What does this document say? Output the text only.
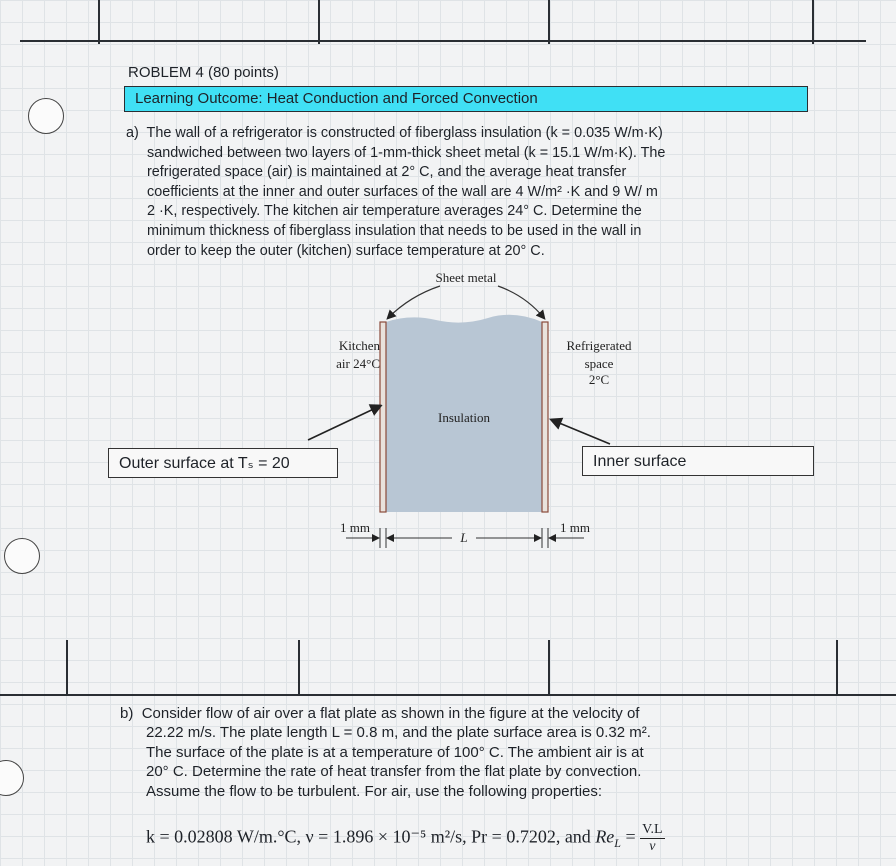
ROBLEM 4 (80 points)
Learning Outcome: Heat Conduction and Forced Convection
a) The wall of a refrigerator is constructed of fiberglass insulation (k = 0.035 W/m·K)
sandwiched between two layers of 1-mm-thick sheet metal (k = 15.1 W/m·K). The
refrigerated space (air) is maintained at 2° C, and the average heat transfer
coefficients at the inner and outer surfaces of the wall are 4 W/m² ·K and 9 W/ m
2 ·K, respectively. The kitchen air temperature averages 24° C. Determine the
minimum thickness of fiberglass insulation that needs to be used in the wall in
order to keep the outer (kitchen) surface temperature at 20° C.
Sheet metal
Kitchen
air 24°C
Refrigerated
space
2°C
Insulation
1 mm
L
1 mm
Outer surface at Tₛ = 20	Inner surface
b) Consider flow of air over a flat plate as shown in the figure at the velocity of
22.22 m/s. The plate length L = 0.8 m, and the plate surface area is 0.32 m².
The surface of the plate is at a temperature of 100° C. The ambient air is at
20° C. Determine the rate of heat transfer from the flat plate by convection.
Assume the flow to be turbulent. For air, use the following properties:
k = 0.02808 W/m.°C, ν = 1.896 × 10⁻⁵ m²/s, Pr = 0.7202, and $Re_L = \frac{V.L}{\nu}$
